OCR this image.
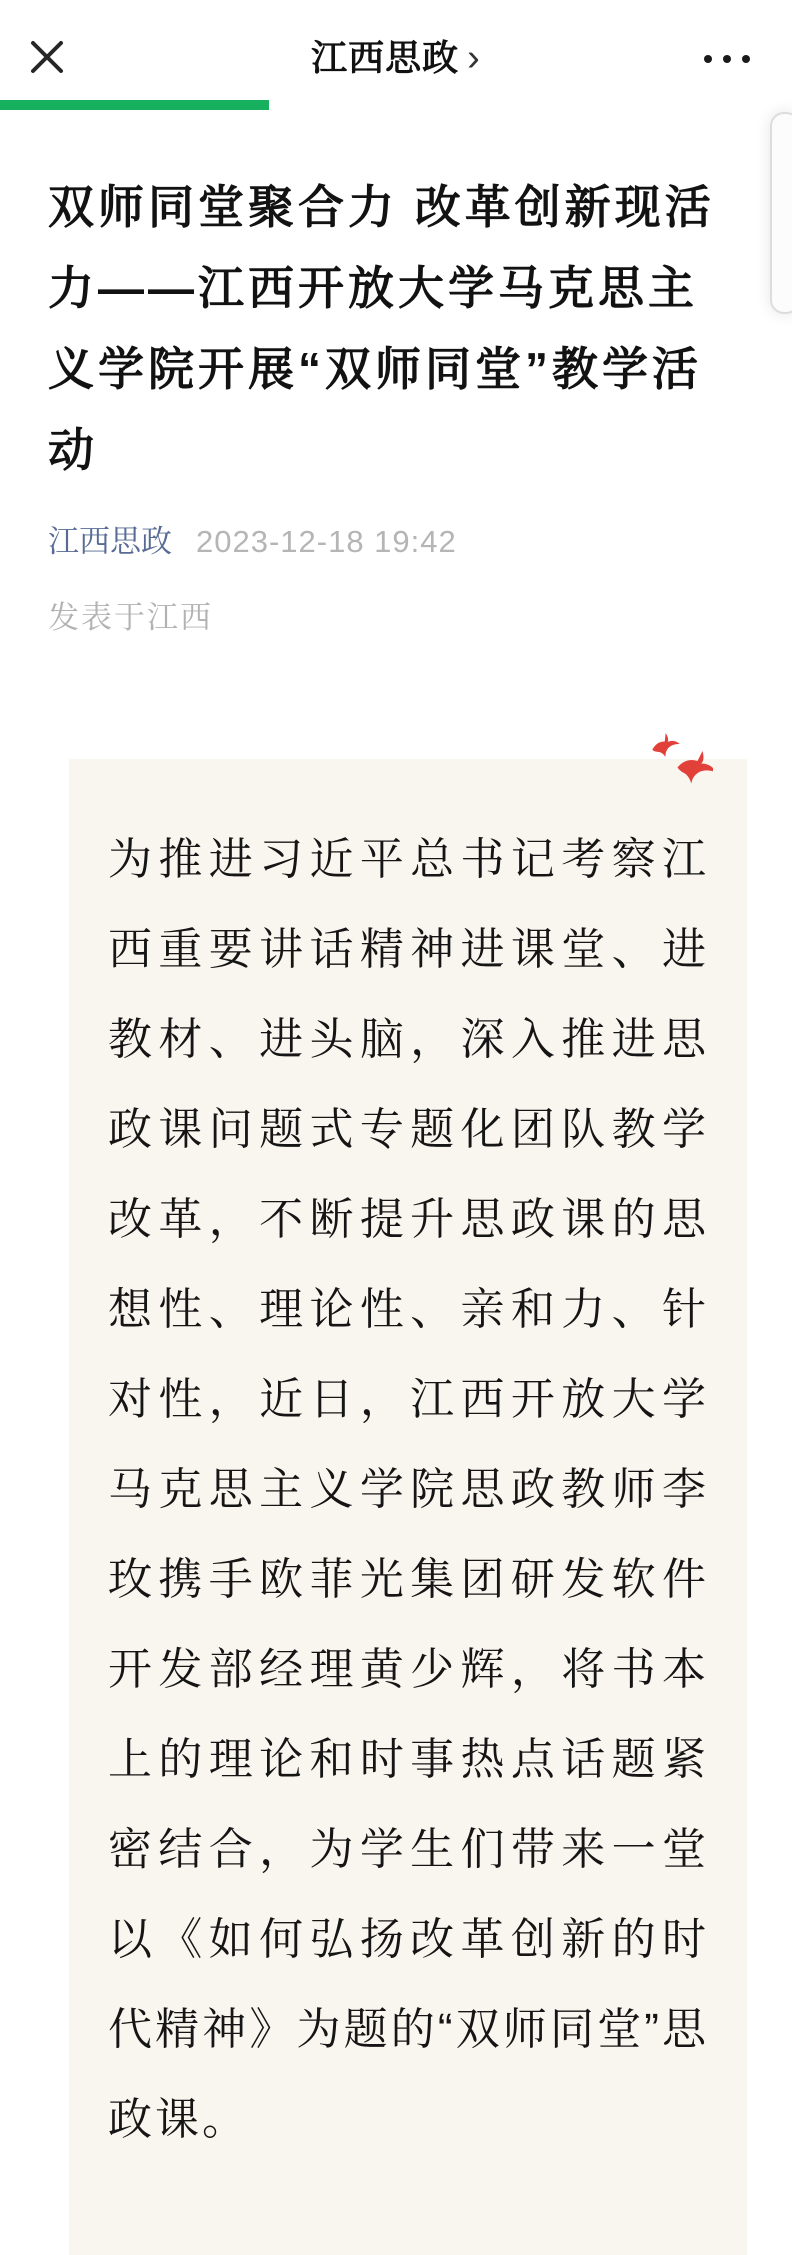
江西思政 ›
双师同堂聚合力 改革创新现活力——江西开放大学马克思主义学院开展“双师同堂”教学活动
江西思政 2023-12-18 19:42
发表于江西

为推进习近平总书记考察江西重要讲话精神进课堂、进教材、进头脑，深入推进思政课问题式专题化团队教学改革，不断提升思政课的思想性、理论性、亲和力、针对性，近日，江西开放大学马克思主义学院思政教师李玫携手欧菲光集团研发软件开发部经理黄少辉，将书本上的理论和时事热点话题紧密结合，为学生们带来一堂以《如何弘扬改革创新的时代精神》为题的“双师同堂”思政课。
